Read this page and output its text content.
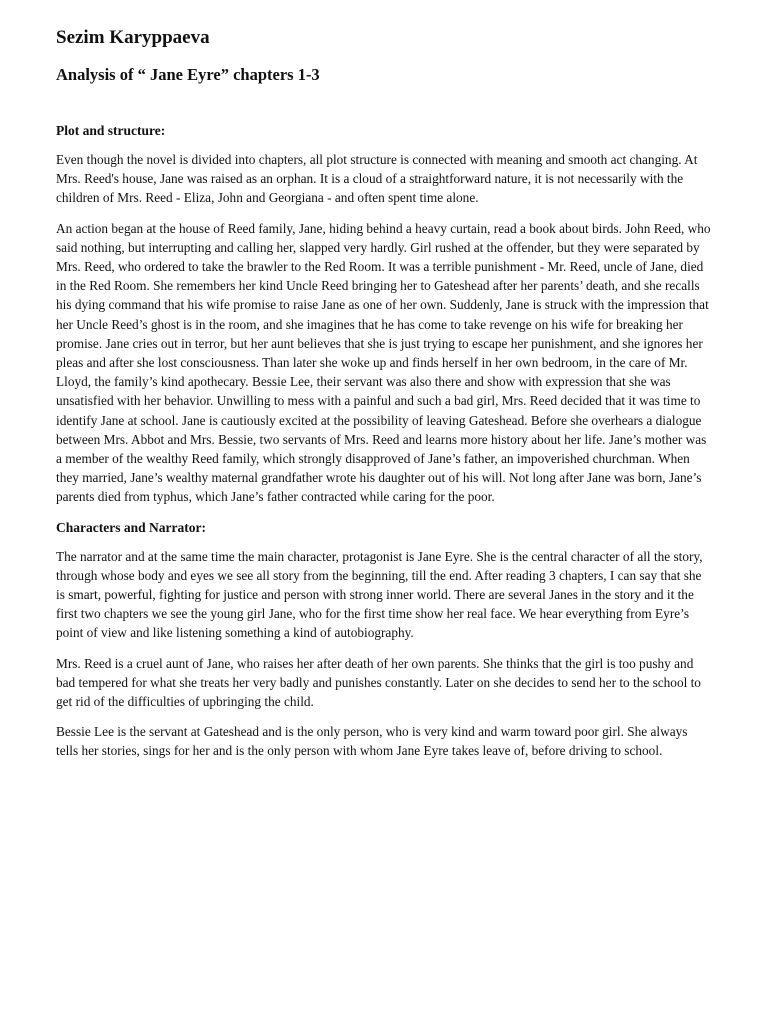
Sezim Karyppaeva
Analysis of “ Jane Eyre” chapters 1-3
Plot and structure:

Even though the novel is divided into chapters, all plot structure is connected with meaning and smooth act changing. At Mrs. Reed's house, Jane was raised as an orphan. It is a cloud of a straightforward nature, it is not necessarily with the children of Mrs. Reed - Eliza, John and Georgiana - and often spent time alone.

An action began at the house of Reed family, Jane, hiding behind a heavy curtain, read a book about birds. John Reed, who said nothing, but interrupting and calling her, slapped very hardly. Girl rushed at the offender, but they were separated by Mrs. Reed, who ordered to take the brawler to the Red Room. It was a terrible punishment - Mr. Reed, uncle of Jane, died in the Red Room. She remembers her kind Uncle Reed bringing her to Gateshead after her parents’ death, and she recalls his dying command that his wife promise to raise Jane as one of her own. Suddenly, Jane is struck with the impression that her Uncle Reed’s ghost is in the room, and she imagines that he has come to take revenge on his wife for breaking her promise. Jane cries out in terror, but her aunt believes that she is just trying to escape her punishment, and she ignores her pleas and after she lost consciousness. Than later she woke up and finds herself in her own bedroom, in the care of Mr. Lloyd, the family’s kind apothecary. Bessie Lee, their servant was also there and show with expression that she was unsatisfied with her behavior. Unwilling to mess with a painful and such a bad girl, Mrs. Reed decided that it was time to identify Jane at school. Jane is cautiously excited at the possibility of leaving Gateshead. Before she overhears a dialogue between Mrs. Abbot and Mrs. Bessie, two servants of Mrs. Reed and learns more history about her life. Jane’s mother was a member of the wealthy Reed family, which strongly disapproved of Jane’s father, an impoverished churchman. When they married, Jane’s wealthy maternal grandfather wrote his daughter out of his will. Not long after Jane was born, Jane’s parents died from typhus, which Jane’s father contracted while caring for the poor.

Characters and Narrator:

The narrator and at the same time the main character, protagonist is Jane Eyre. She is the central character of all the story, through whose body and eyes we see all story from the beginning, till the end. After reading 3 chapters, I can say that she is smart, powerful, fighting for justice and person with strong inner world. There are several Janes in the story and it the first two chapters we see the young girl Jane, who for the first time show her real face. We hear everything from Eyre’s point of view and like listening something a kind of autobiography.

Mrs. Reed is a cruel aunt of Jane, who raises her after death of her own parents. She thinks that the girl is too pushy and bad tempered for what she treats her very badly and punishes constantly. Later on she decides to send her to the school to get rid of the difficulties of upbringing the child.

Bessie Lee is the servant at Gateshead and is the only person, who is very kind and warm toward poor girl. She always tells her stories, sings for her and is the only person with whom Jane Eyre takes leave of, before driving to school.
